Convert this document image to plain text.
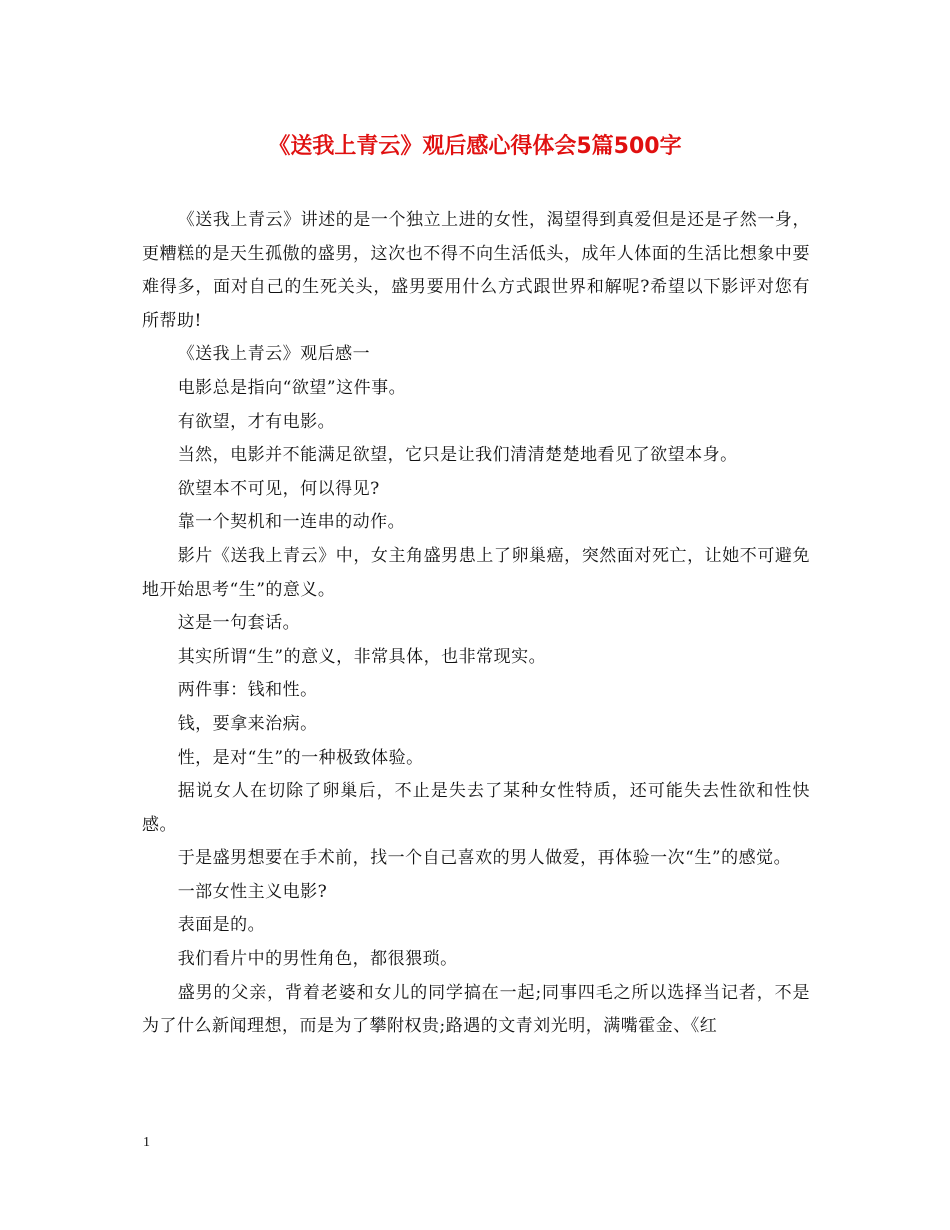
《送我上青云》观后感心得体会5篇500字

《送我上青云》讲述的是一个独立上进的女性，渴望得到真爱但是还是孑然一身，更糟糕的是天生孤傲的盛男，这次也不得不向生活低头，成年人体面的生活比想象中要难得多，面对自己的生死关头，盛男要用什么方式跟世界和解呢?希望以下影评对您有所帮助!

《送我上青云》观后感一

电影总是指向“欲望”这件事。

有欲望，才有电影。

当然，电影并不能满足欲望，它只是让我们清清楚楚地看见了欲望本身。

欲望本不可见，何以得见?

靠一个契机和一连串的动作。

影片《送我上青云》中，女主角盛男患上了卵巢癌，突然面对死亡，让她不可避免地开始思考“生”的意义。

这是一句套话。

其实所谓“生”的意义，非常具体，也非常现实。

两件事：钱和性。

钱，要拿来治病。

性，是对“生”的一种极致体验。

据说女人在切除了卵巢后，不止是失去了某种女性特质，还可能失去性欲和性快感。

于是盛男想要在手术前，找一个自己喜欢的男人做爱，再体验一次“生”的感觉。

一部女性主义电影?

表面是的。

我们看片中的男性角色，都很猥琐。

盛男的父亲，背着老婆和女儿的同学搞在一起;同事四毛之所以选择当记者，不是为了什么新闻理想，而是为了攀附权贵;路遇的文青刘光明，满嘴霍金、《红

1
